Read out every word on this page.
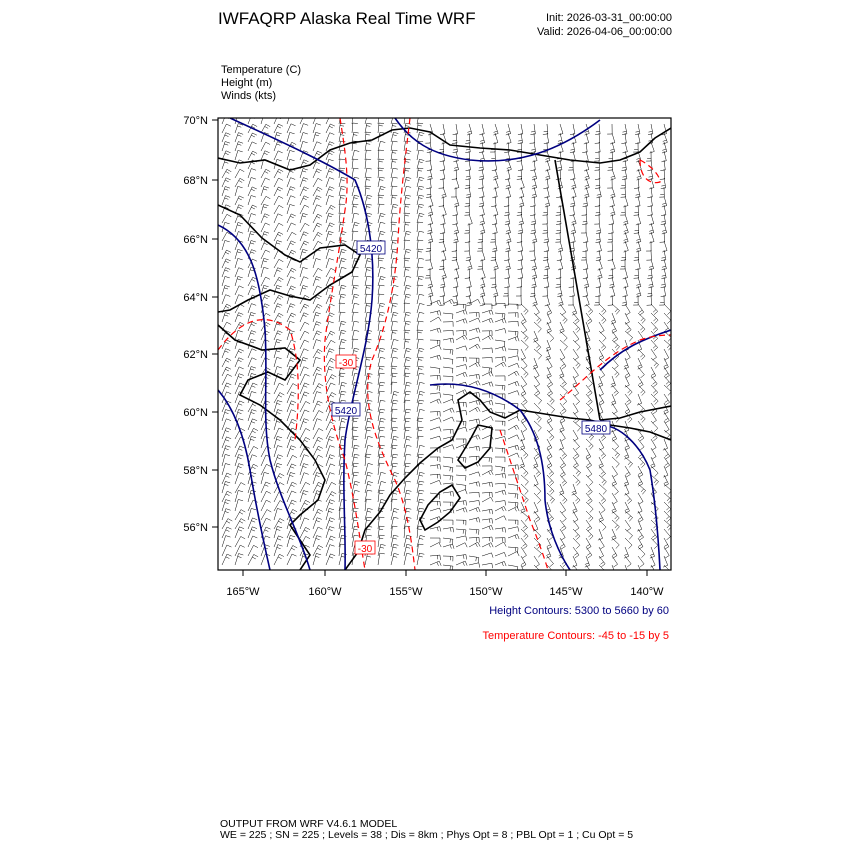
IWFAQRP Alaska Real Time WRF	Init: 2026-03-31_00:00:00
Valid: 2026-04-06_00:00:00
Temperature (C)
Height (m)
Winds (kts)
70°N
68°N
66°N
64°N
62°N
60°N
58°N
56°N
165°W	160°W	155°W	150°W	145°W	140°W
5420
5420
5480
-30
-30
Height Contours: 5300 to 5660 by 60
Temperature Contours: -45 to -15 by 5
OUTPUT FROM WRF V4.6.1 MODEL
WE = 225 ; SN = 225 ; Levels = 38 ; Dis = 8km ; Phys Opt = 8 ; PBL Opt = 1 ; Cu Opt = 5
